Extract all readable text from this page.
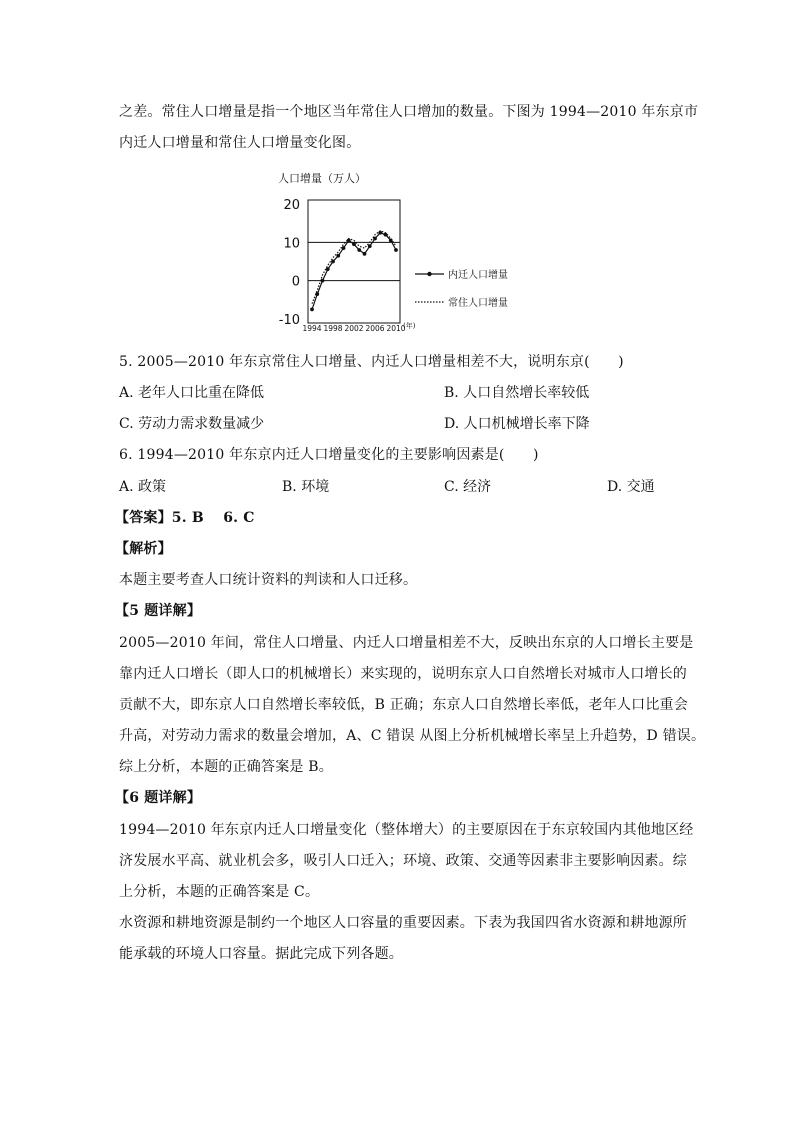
之差。常住人口增量是指一个地区当年常住人口增加的数量。下图为 1994—2010 年东京市
内迁人口增量和常住人口增量变化图。
人口增量（万人）
20
10
0
-10
1994 1998 2002 2006 2010
(年)
内迁人口增量
常住人口增量
5. 2005—2010 年东京常住人口增量、内迁人口增量相差不大，说明东京(　　)
A. 老年人口比重在降低	B. 人口自然增长率较低
C. 劳动力需求数量减少	D. 人口机械增长率下降
6. 1994—2010 年东京内迁人口增量变化的主要影响因素是(　　)
A. 政策	B. 环境	C. 经济	D. 交通
【答案】5. B　 6. C
【解析】
本题主要考查人口统计资料的判读和人口迁移。
【5 题详解】
2005—2010 年间，常住人口增量、内迁人口增量相差不大，反映出东京的人口增长主要是
靠内迁人口增长（即人口的机械增长）来实现的，说明东京人口自然增长对城市人口增长的
贡献不大，即东京人口自然增长率较低，B 正确；东京人口自然增长率低，老年人口比重会
升高，对劳动力需求的数量会增加，A、C 错误 从图上分析机械增长率呈上升趋势，D 错误。
综上分析，本题的正确答案是 B。
【6 题详解】
1994—2010 年东京内迁人口增量变化（整体增大）的主要原因在于东京较国内其他地区经
济发展水平高、就业机会多，吸引人口迁入；环境、政策、交通等因素非主要影响因素。综
上分析，本题的正确答案是 C。
水资源和耕地资源是制约一个地区人口容量的重要因素。下表为我国四省水资源和耕地源所
能承载的环境人口容量。据此完成下列各题。
